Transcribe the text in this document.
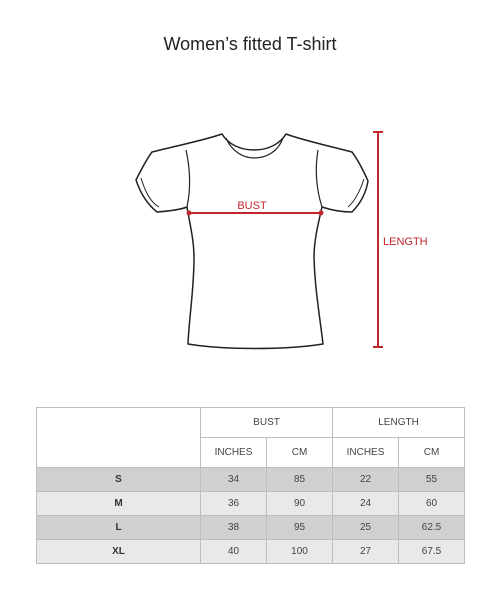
Women’s fitted T-shirt
BUST
LENGTH
	BUST		LENGTH	
	INCHES	CM	INCHES	CM
S	34	85	22	55
M	36	90	24	60
L	38	95	25	62.5
XL	40	100	27	67.5
